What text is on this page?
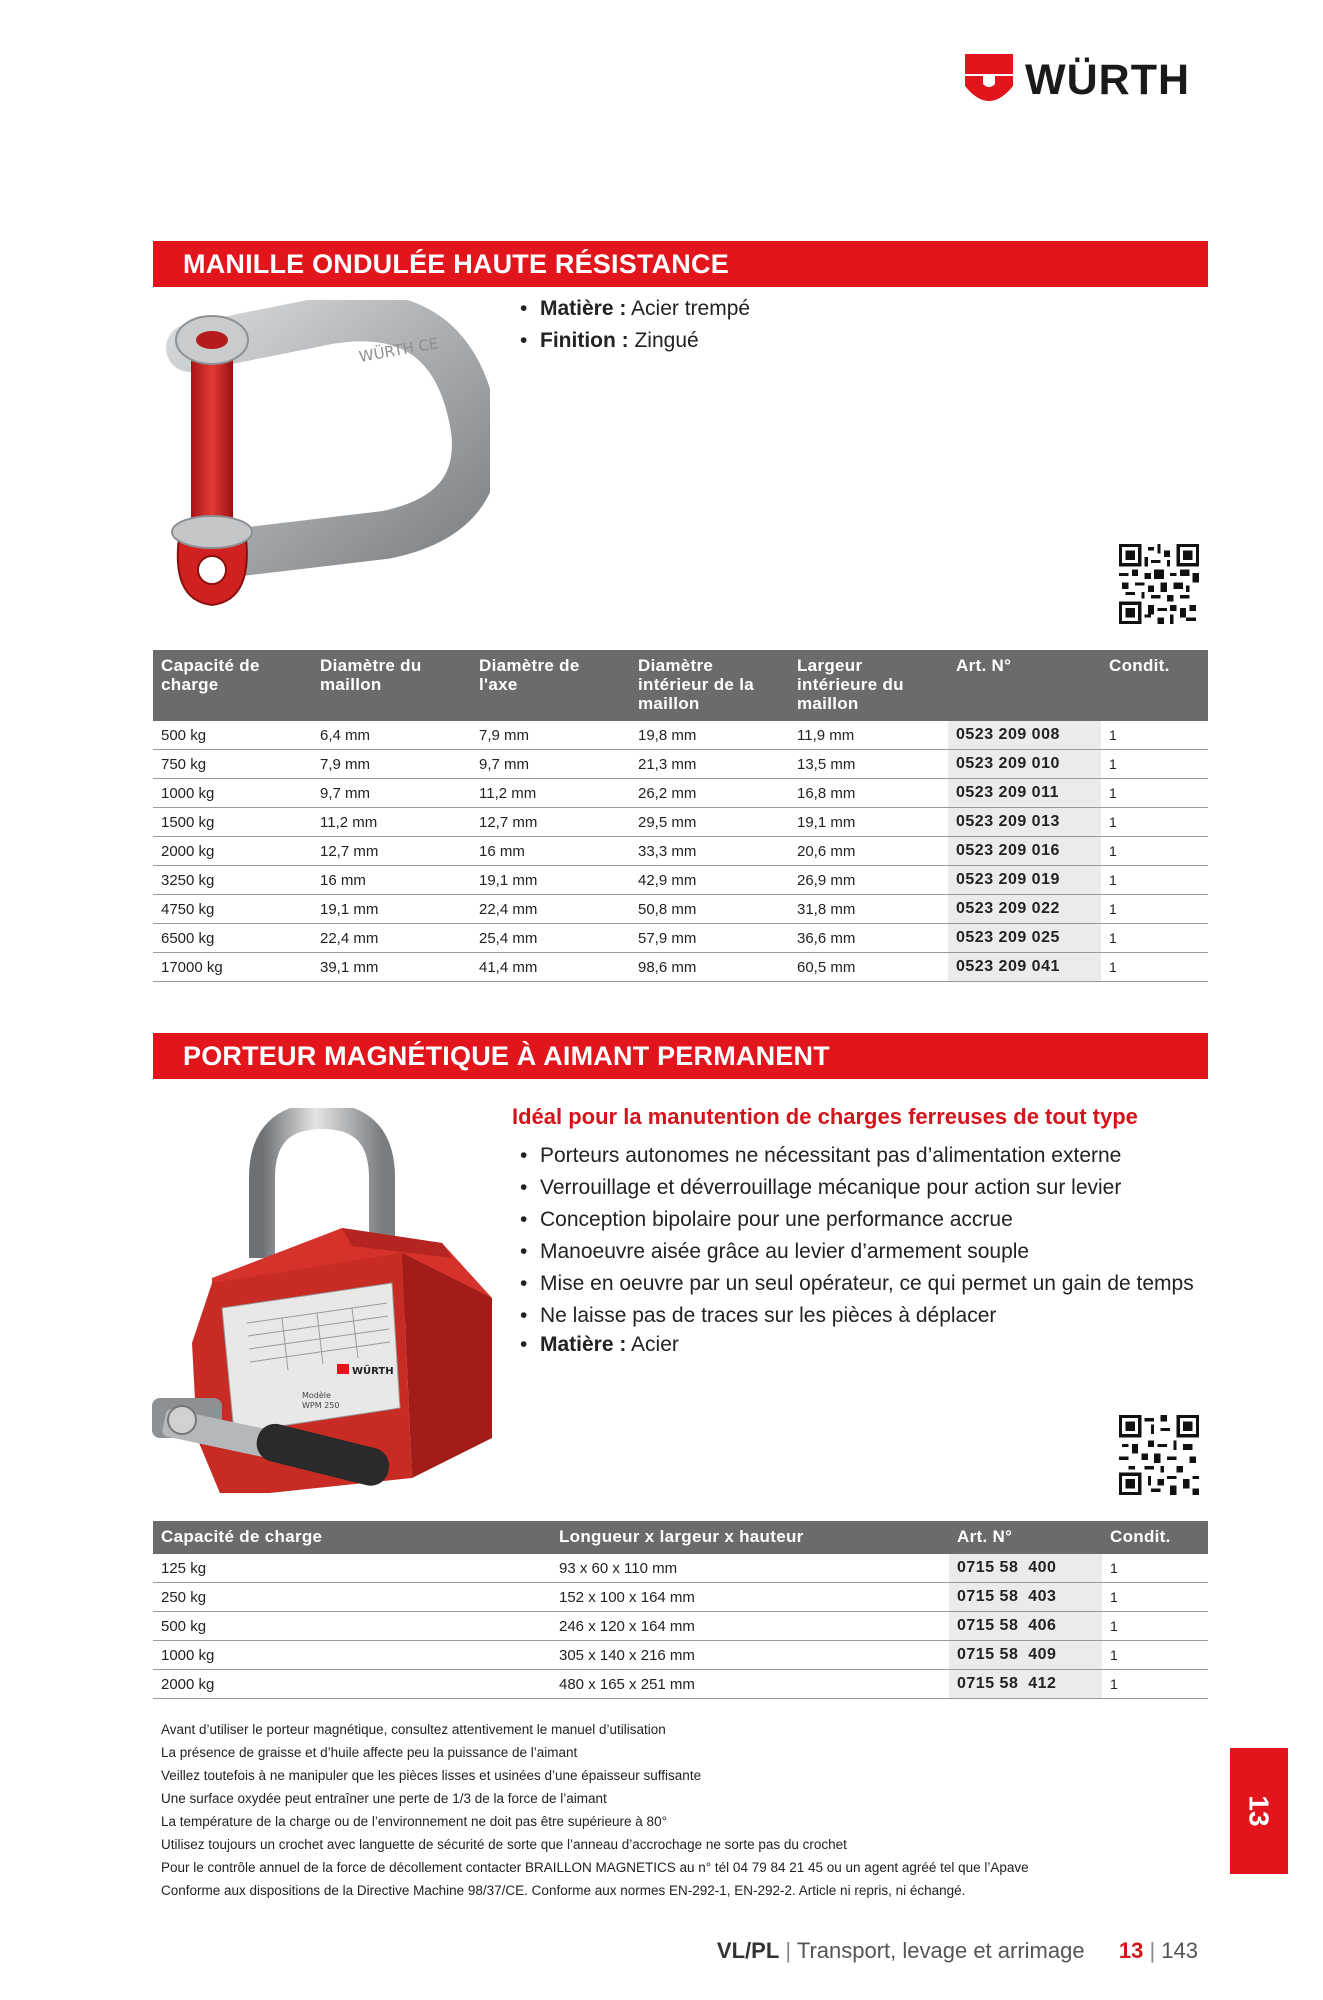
WÜRTH
MANILLE ONDULÉE HAUTE RÉSISTANCE
WÜRTH CE
• Matière : Acier trempé
• Finition : Zingué
Capacité de charge	Diamètre du maillon	Diamètre de l'axe	Diamètre intérieur de la maillon	Largeur intérieure du maillon	Art. N°	Condit.
500 kg	6,4 mm	7,9 mm	19,8 mm	11,9 mm	0523 209 008	1
750 kg	7,9 mm	9,7 mm	21,3 mm	13,5 mm	0523 209 010	1
1000 kg	9,7 mm	11,2 mm	26,2 mm	16,8 mm	0523 209 011	1
1500 kg	11,2 mm	12,7 mm	29,5 mm	19,1 mm	0523 209 013	1
2000 kg	12,7 mm	16 mm	33,3 mm	20,6 mm	0523 209 016	1
3250 kg	16 mm	19,1 mm	42,9 mm	26,9 mm	0523 209 019	1
4750 kg	19,1 mm	22,4 mm	50,8 mm	31,8 mm	0523 209 022	1
6500 kg	22,4 mm	25,4 mm	57,9 mm	36,6 mm	0523 209 025	1
17000 kg	39,1 mm	41,4 mm	98,6 mm	60,5 mm	0523 209 041	1
PORTEUR MAGNÉTIQUE À AIMANT PERMANENT
WÜRTH
Modèle
WPM 250
Idéal pour la manutention de charges ferreuses de tout type
• Porteurs autonomes ne nécessitant pas d’alimentation externe
• Verrouillage et déverrouillage mécanique pour action sur levier
• Conception bipolaire pour une performance accrue
• Manoeuvre aisée grâce au levier d’armement souple
• Mise en oeuvre par un seul opérateur, ce qui permet un gain de temps
• Ne laisse pas de traces sur les pièces à déplacer
• Matière : Acier
Capacité de charge	Longueur x largeur x hauteur	Art. N°	Condit.
125 kg	93 x 60 x 110 mm	0715 58  400	1
250 kg	152 x 100 x 164 mm	0715 58  403	1
500 kg	246 x 120 x 164 mm	0715 58  406	1
1000 kg	305 x 140 x 216 mm	0715 58  409	1
2000 kg	480 x 165 x 251 mm	0715 58  412	1
Avant d’utiliser le porteur magnétique, consultez attentivement le manuel d’utilisation
La présence de graisse et d’huile affecte peu la puissance de l’aimant
Veillez toutefois à ne manipuler que les pièces lisses et usinées d’une épaisseur suffisante
Une surface oxydée peut entraîner une perte de 1/3 de la force de l’aimant
La température de la charge ou de l’environnement ne doit pas être supérieure à 80°
Utilisez toujours un crochet avec languette de sécurité de sorte que l’anneau d’accrochage ne sorte pas du crochet
Pour le contrôle annuel de la force de décollement contacter BRAILLON MAGNETICS au n° tél 04 79 84 21 45 ou un agent agréé tel que l’Apave
Conforme aux dispositions de la Directive Machine 98/37/CE. Conforme aux normes EN-292-1, EN-292-2. Article ni repris, ni échangé.
13
VL/PL | Transport, levage et arrimage 13 | 143
